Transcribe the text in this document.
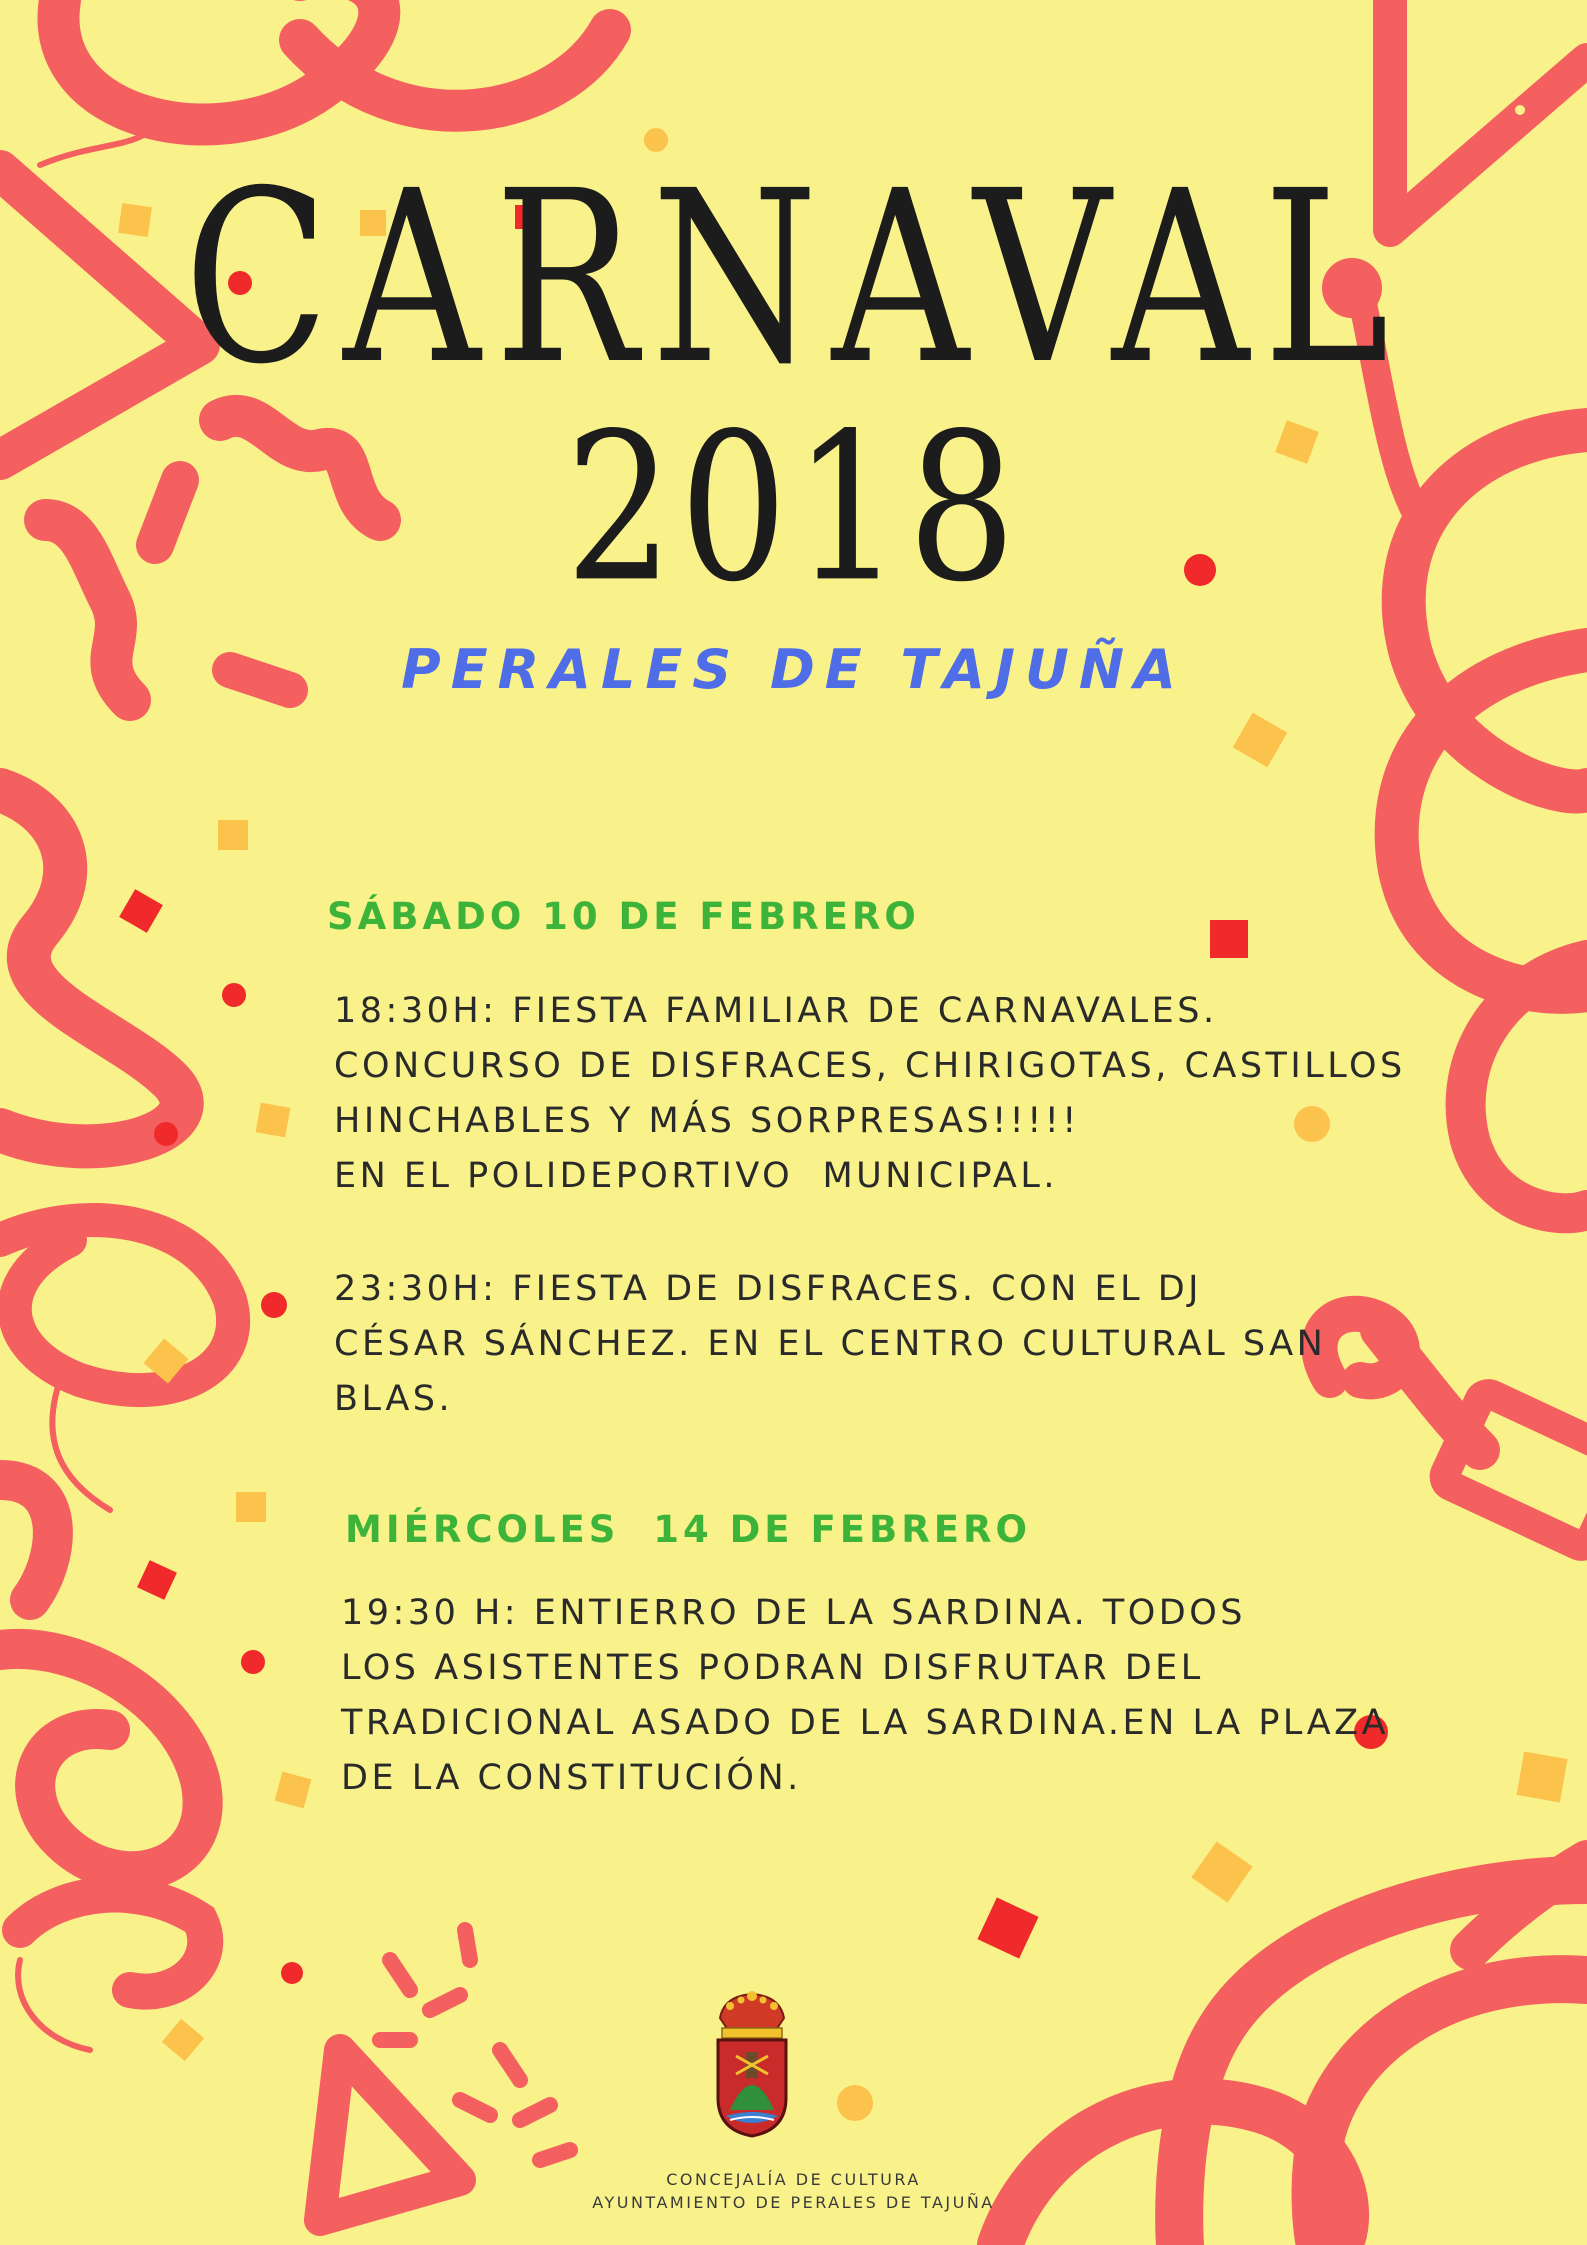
CARNAVAL
2018
PERALES DE TAJUÑA
SÁBADO 10 DE FEBRERO

18:30H: FIESTA FAMILIAR DE CARNAVALES.
CONCURSO DE DISFRACES, CHIRIGOTAS, CASTILLOS
HINCHABLES Y MÁS SORPRESAS!!!!!
EN EL POLIDEPORTIVO  MUNICIPAL.

23:30H: FIESTA DE DISFRACES. CON EL DJ
CÉSAR SÁNCHEZ. EN EL CENTRO CULTURAL SAN
BLAS.

MIÉRCOLES  14 DE FEBRERO

19:30 H: ENTIERRO DE LA SARDINA. TODOS
LOS ASISTENTES PODRAN DISFRUTAR DEL
TRADICIONAL ASADO DE LA SARDINA.EN LA PLAZA
DE LA CONSTITUCIÓN.

CONCEJALÍA DE CULTURA

AYUNTAMIENTO DE PERALES DE TAJUÑA
